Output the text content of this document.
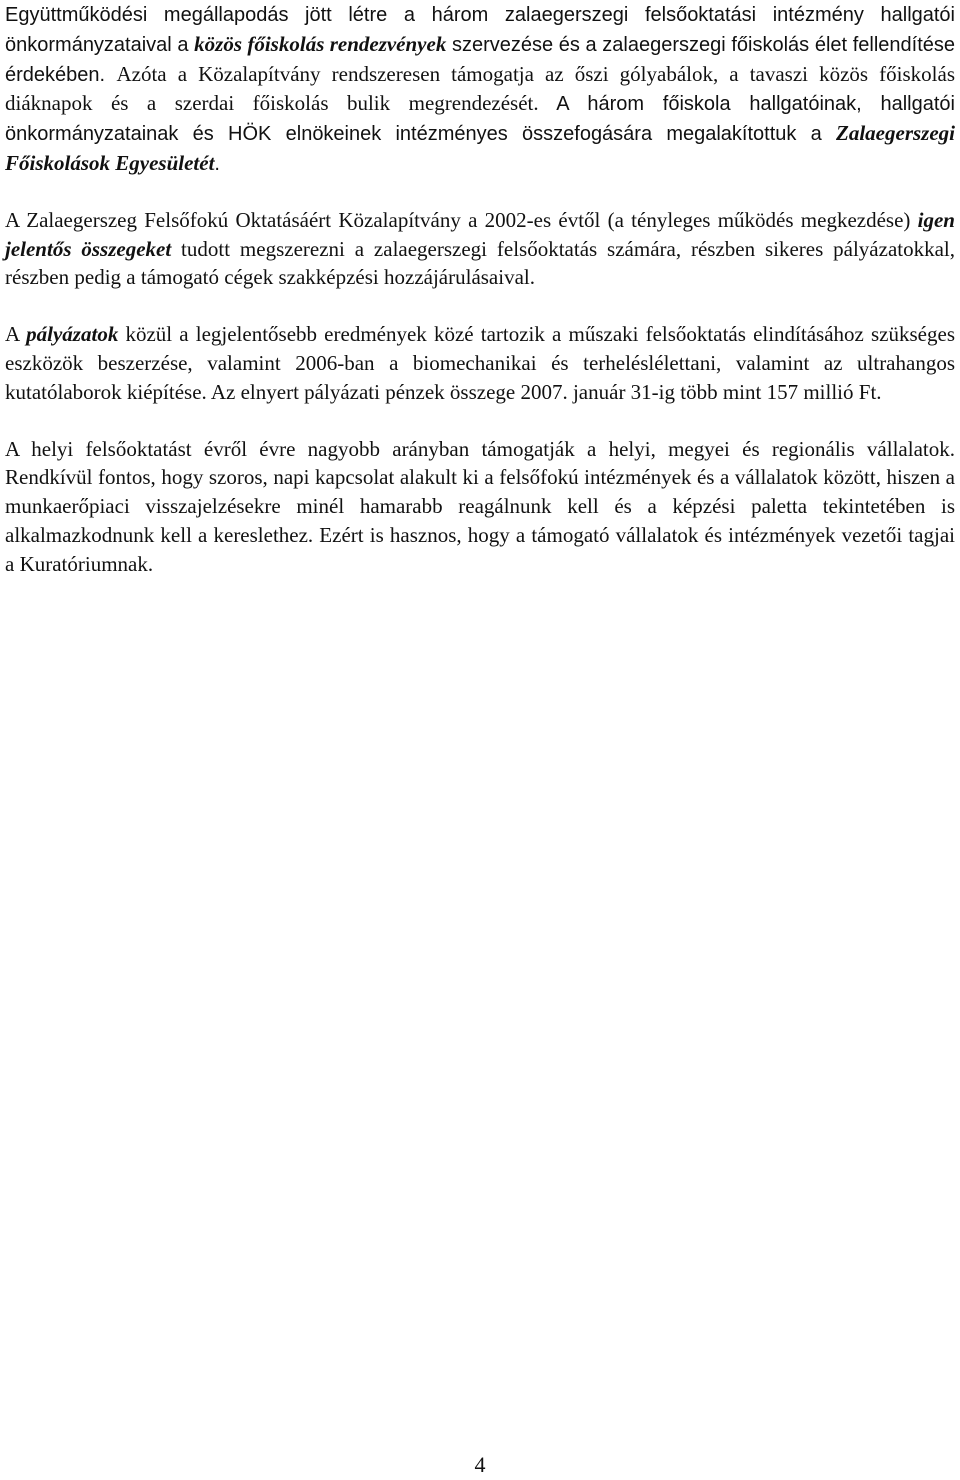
Együttműködési megállapodás jött létre a három zalaegerszegi felsőoktatási intézmény hallgatói önkormányzataival a közös főiskolás rendezvények szervezése és a zalaegerszegi főiskolás élet fellendítése érdekében. Azóta a Közalapítvány rendszeresen támogatja az őszi gólyabálok, a tavaszi közös főiskolás diáknapok és a szerdai főiskolás bulik megrendezését. A három főiskola hallgatóinak, hallgatói önkormányzatainak és HÖK elnökeinek intézményes összefogására megalakítottuk a Zalaegerszegi Főiskolások Egyesületét.

A Zalaegerszeg Felsőfokú Oktatásáért Közalapítvány a 2002-es évtől (a tényleges működés megkezdése) igen jelentős összegeket tudott megszerezni a zalaegerszegi felsőoktatás számára, részben sikeres pályázatokkal, részben pedig a támogató cégek szakképzési hozzájárulásaival.

A pályázatok közül a legjelentősebb eredmények közé tartozik a műszaki felsőoktatás elindításához szükséges eszközök beszerzése, valamint 2006-ban a biomechanikai és terheléslélettani, valamint az ultrahangos kutatólaborok kiépítése. Az elnyert pályázati pénzek összege 2007. január 31-ig több mint 157 millió Ft.

A helyi felsőoktatást évről évre nagyobb arányban támogatják a helyi, megyei és regionális vállalatok. Rendkívül fontos, hogy szoros, napi kapcsolat alakult ki a felsőfokú intézmények és a vállalatok között, hiszen a munkaerőpiaci visszajelzésekre minél hamarabb reagálnunk kell és a képzési paletta tekintetében is alkalmazkodnunk kell a kereslethez. Ezért is hasznos, hogy a támogató vállalatok és intézmények vezetői tagjai a Kuratóriumnak.

4
